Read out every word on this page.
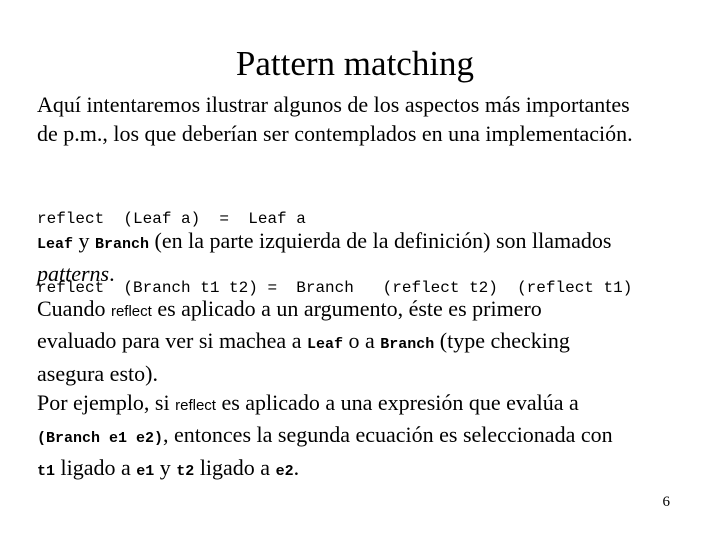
Pattern matching

Aquí intentaremos ilustrar algunos de los aspectos más importantes
de p.m., los que deberían ser contemplados en una implementación.

reflect  (Leaf a)  =  Leaf a

reflect  (Branch t1 t2) =  Branch   (reflect t2)  (reflect t1)

Leaf y Branch (en la parte izquierda de la definición) son llamados
patterns.

Cuando reflect es aplicado a un argumento, éste es primero
evaluado para ver si machea a Leaf o a Branch (type checking
asegura esto).
Por ejemplo, si reflect es aplicado a una expresión que evalúa a
(Branch e1 e2), entonces la segunda ecuación es seleccionada con
t1 ligado a e1 y t2 ligado a e2.

6
